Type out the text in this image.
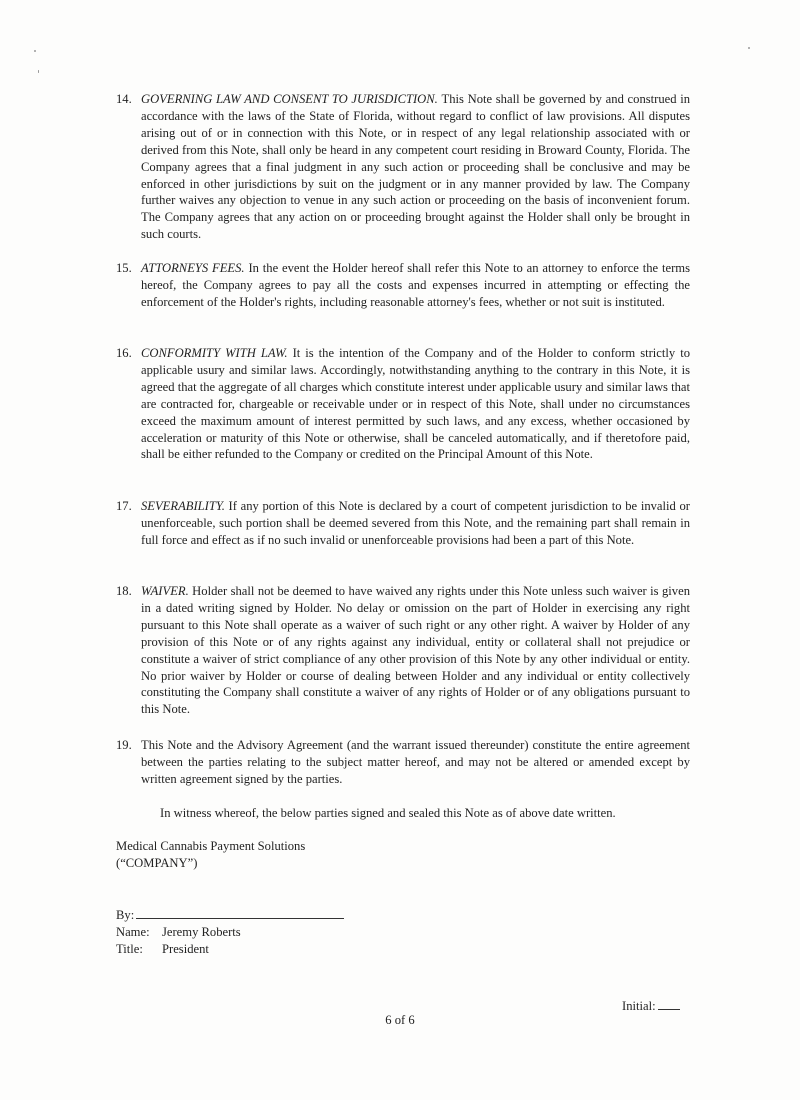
14. GOVERNING LAW AND CONSENT TO JURISDICTION. This Note shall be governed by and construed in accordance with the laws of the State of Florida, without regard to conflict of law provisions. All disputes arising out of or in connection with this Note, or in respect of any legal relationship associated with or derived from this Note, shall only be heard in any competent court residing in Broward County, Florida. The Company agrees that a final judgment in any such action or proceeding shall be conclusive and may be enforced in other jurisdictions by suit on the judgment or in any manner provided by law. The Company further waives any objection to venue in any such action or proceeding on the basis of inconvenient forum. The Company agrees that any action on or proceeding brought against the Holder shall only be brought in such courts.
15. ATTORNEYS FEES. In the event the Holder hereof shall refer this Note to an attorney to enforce the terms hereof, the Company agrees to pay all the costs and expenses incurred in attempting or effecting the enforcement of the Holder's rights, including reasonable attorney's fees, whether or not suit is instituted.
16. CONFORMITY WITH LAW. It is the intention of the Company and of the Holder to conform strictly to applicable usury and similar laws. Accordingly, notwithstanding anything to the contrary in this Note, it is agreed that the aggregate of all charges which constitute interest under applicable usury and similar laws that are contracted for, chargeable or receivable under or in respect of this Note, shall under no circumstances exceed the maximum amount of interest permitted by such laws, and any excess, whether occasioned by acceleration or maturity of this Note or otherwise, shall be canceled automatically, and if theretofore paid, shall be either refunded to the Company or credited on the Principal Amount of this Note.
17. SEVERABILITY. If any portion of this Note is declared by a court of competent jurisdiction to be invalid or unenforceable, such portion shall be deemed severed from this Note, and the remaining part shall remain in full force and effect as if no such invalid or unenforceable provisions had been a part of this Note.
18. WAIVER. Holder shall not be deemed to have waived any rights under this Note unless such waiver is given in a dated writing signed by Holder. No delay or omission on the part of Holder in exercising any right pursuant to this Note shall operate as a waiver of such right or any other right. A waiver by Holder of any provision of this Note or of any rights against any individual, entity or collateral shall not prejudice or constitute a waiver of strict compliance of any other provision of this Note by any other individual or entity. No prior waiver by Holder or course of dealing between Holder and any individual or entity collectively constituting the Company shall constitute a waiver of any rights of Holder or of any obligations pursuant to this Note.
19. This Note and the Advisory Agreement (and the warrant issued thereunder) constitute the entire agreement between the parties relating to the subject matter hereof, and may not be altered or amended except by written agreement signed by the parties.
In witness whereof, the below parties signed and sealed this Note as of above date written.
Medical Cannabis Payment Solutions
(“COMPANY”)
By:
Name: Jeremy Roberts
Title: President
Initial:
6 of 6
